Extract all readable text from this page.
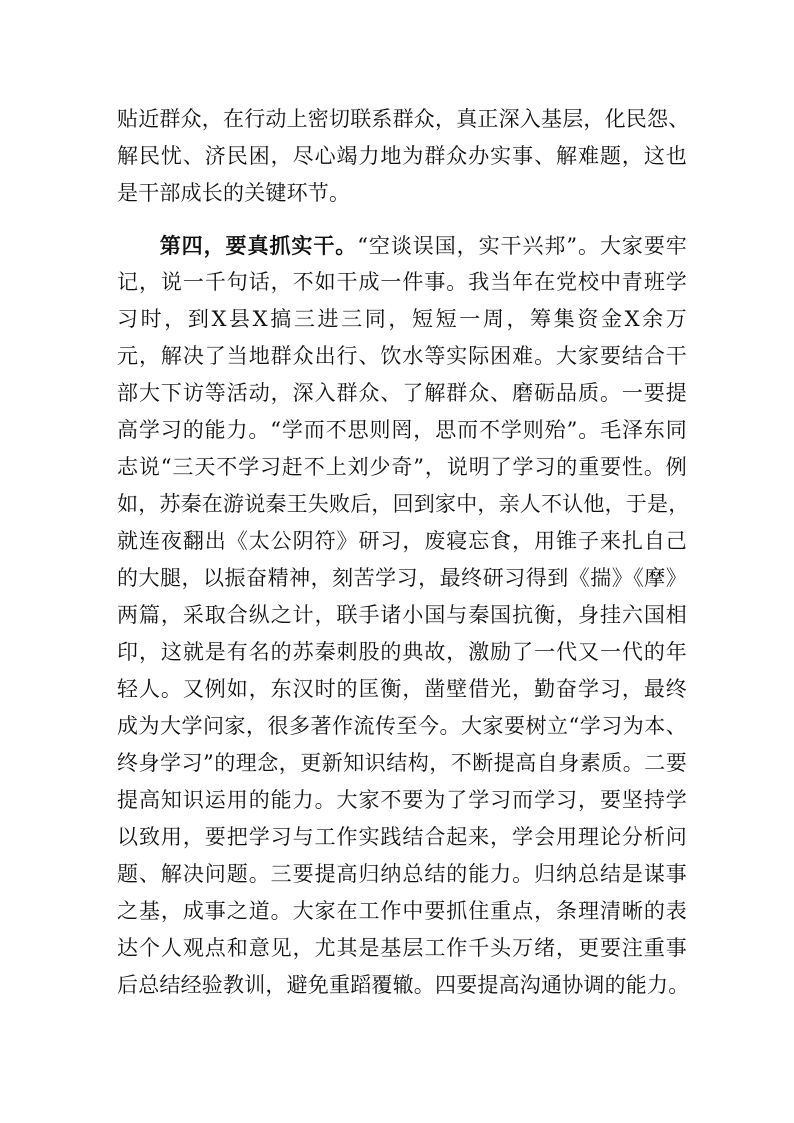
贴近群众，在行动上密切联系群众，真正深入基层，化民怨、
解民忧、济民困，尽心竭力地为群众办实事、解难题，这也
是干部成长的关键环节。
第四，要真抓实干。“空谈误国，实干兴邦”。大家要牢
记，说一千句话，不如干成一件事。我当年在党校中青班学
习时，到X县X搞三进三同，短短一周，筹集资金X余万
元，解决了当地群众出行、饮水等实际困难。大家要结合干
部大下访等活动，深入群众、了解群众、磨砺品质。一要提
高学习的能力。“学而不思则罔，思而不学则殆”。毛泽东同
志说“三天不学习赶不上刘少奇”，说明了学习的重要性。例
如，苏秦在游说秦王失败后，回到家中，亲人不认他，于是，
就连夜翻出《太公阴符》研习，废寝忘食，用锥子来扎自己
的大腿，以振奋精神，刻苦学习，最终研习得到《揣》《摩》
两篇，采取合纵之计，联手诸小国与秦国抗衡，身挂六国相
印，这就是有名的苏秦刺股的典故，激励了一代又一代的年
轻人。又例如，东汉时的匡衡，凿壁借光，勤奋学习，最终
成为大学问家，很多著作流传至今。大家要树立“学习为本、
终身学习”的理念，更新知识结构，不断提高自身素质。二要
提高知识运用的能力。大家不要为了学习而学习，要坚持学
以致用，要把学习与工作实践结合起来，学会用理论分析问
题、解决问题。三要提高归纳总结的能力。归纳总结是谋事
之基，成事之道。大家在工作中要抓住重点，条理清晰的表
达个人观点和意见，尤其是基层工作千头万绪，更要注重事
后总结经验教训，避免重蹈覆辙。四要提高沟通协调的能力。
